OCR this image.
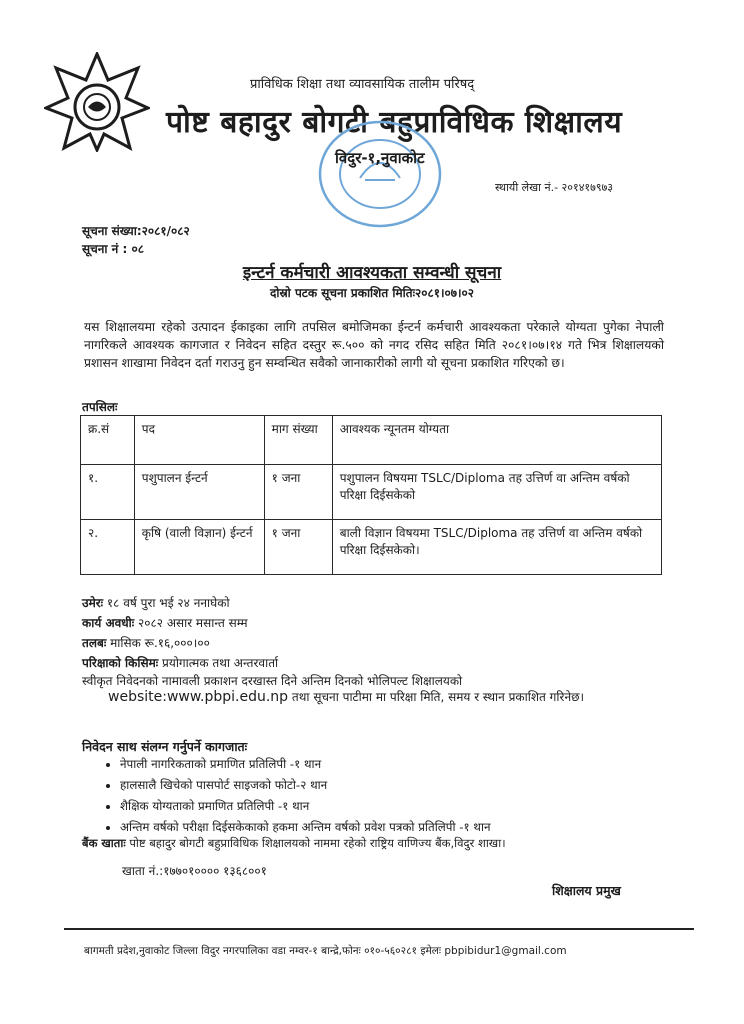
प्राविधिक शिक्षा तथा व्यावसायिक तालीम परिषद्
पोष्ट बहादुर बोगटी बहुप्राविधिक शिक्षालय
विदुर-१,नुवाकोट
स्थायी लेखा नं.- २०१४१७९७३
सूचना संख्या:२०८१/०८२
सूचना नं : ०८
इन्टर्न कर्मचारी आवश्यकता सम्वन्धी सूचना
दोस्रो पटक सूचना प्रकाशित मितिः२०८१।०७।०२
यस शिक्षालयमा रहेको उत्पादन ईकाइका लागि तपसिल बमोजिमका ईन्टर्न कर्मचारी आवश्यकता परेकाले योग्यता पुगेका नेपाली नागरिकले आवश्यक कागजात र निवेदन सहित दस्तुर रू.५०० को नगद रसिद सहित मिति २०८१।०७।१४ गते भित्र शिक्षालयको प्रशासन शाखामा निवेदन दर्ता गराउनु हुन सम्वन्धित सवैको जानाकारीको लागी यो सूचना प्रकाशित गरिएको छ।
तपसिलः
क्र.सं	पद	माग संख्या	आवश्यक न्यूनतम योग्यता
१.	पशुपालन ईन्टर्न	१ जना	पशुपालन विषयमा TSLC/Diploma तह उत्तिर्ण वा अन्तिम वर्षको परिक्षा दिईसकेको
२.	कृषि (वाली विज्ञान) ईन्टर्न	१ जना	बाली विज्ञान विषयमा TSLC/Diploma तह उत्तिर्ण वा अन्तिम वर्षको परिक्षा दिईसकेको।
उमेरः १८ वर्ष पुरा भई २४ ननाघेको
कार्य अवधीः २०८२ असार मसान्त सम्म
तलबः मासिक रू.१६,०००।००
परिक्षाको किसिमः प्रयोगात्मक तथा अन्तरवार्ता
स्वीकृत निवेदनको नामावली प्रकाशन दरखास्त दिने अन्तिम दिनको भोलिपल्ट शिक्षालयको
website:www.pbpi.edu.np तथा सूचना पाटीमा मा परिक्षा मिति, समय र स्थान प्रकाशित गरिनेछ।
निवेदन साथ संलग्न गर्नुपर्ने कागजातः
• नेपाली नागरिकताको प्रमाणित प्रतिलिपी -१ थान
• हालसालै खिचेको पासपोर्ट साइजको फोटो-२ थान
• शैक्षिक योग्यताको प्रमाणित प्रतिलिपी -१ थान
• अन्तिम वर्षको परीक्षा दिईसकेकाको हकमा अन्तिम वर्षको प्रवेश पत्रको प्रतिलिपी -१ थान
बैंक खाताः पोष्ट बहादुर बोगटी बहुप्राविधिक शिक्षालयको नाममा रहेको राष्ट्रिय वाणिज्य बैंक,विदुर शाखा।
खाता नं.:१७७०१०००० १३६८००१
शिक्षालय प्रमुख
बागमती प्रदेश,नुवाकोट जिल्ला विदुर नगरपालिका वडा नम्वर-१ बान्द्रे,फोनः ०१०-५६०२८१ इमेलः pbpibidur1@gmail.com
